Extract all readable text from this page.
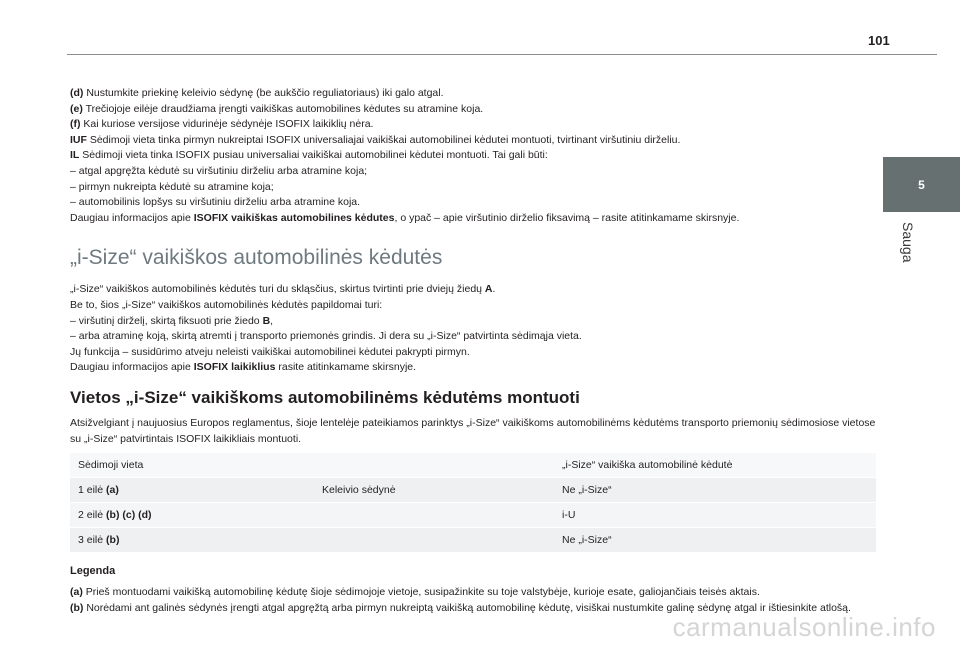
101
5
Sauga

(d) Nustumkite priekinę keleivio sėdynę (be aukščio reguliatoriaus) iki galo atgal.

(e) Trečiojoje eilėje draudžiama įrengti vaikiškas automobilines kėdutes su atramine koja.

(f) Kai kuriose versijose vidurinėje sėdynėje ISOFIX laikiklių nėra.

IUF Sėdimoji vieta tinka pirmyn nukreiptai ISOFIX universaliajai vaikiškai automobilinei kėdutei montuoti, tvirtinant viršutiniu dirželiu.

IL Sėdimoji vieta tinka ISOFIX pusiau universaliai vaikiškai automobilinei kėdutei montuoti. Tai gali būti:

– atgal apgręžta kėdutė su viršutiniu dirželiu arba atramine koja;

– pirmyn nukreipta kėdutė su atramine koja;

– automobilinis lopšys su viršutiniu dirželiu arba atramine koja.

Daugiau informacijos apie ISOFIX vaikiškas automobilines kėdutes, o ypač – apie viršutinio dirželio fiksavimą – rasite atitinkamame skirsnyje.

„i-Size“ vaikiškos automobilinės kėdutės

„i-Size“ vaikiškos automobilinės kėdutės turi du skląsčius, skirtus tvirtinti prie dviejų žiedų A.

Be to, šios „i-Size“ vaikiškos automobilinės kėdutės papildomai turi:

– viršutinį dirželį, skirtą fiksuoti prie žiedo B,

– arba atraminę koją, skirtą atremti į transporto priemonės grindis. Ji dera su „i-Size“ patvirtinta sėdimąja vieta.

Jų funkcija – susidūrimo atveju neleisti vaikiškai automobilinei kėdutei pakrypti pirmyn.

Daugiau informacijos apie ISOFIX laikiklius rasite atitinkamame skirsnyje.

Vietos „i-Size“ vaikiškoms automobilinėms kėdutėms montuoti

Atsižvelgiant į naujuosius Europos reglamentus, šioje lentelėje pateikiamos parinktys „i-Size“ vaikiškoms automobilinėms kėdutėms transporto priemonių sėdimosiose vietose su „i-Size“ patvirtintais ISOFIX laikikliais montuoti.

Sėdimoji vieta		„i-Size“ vaikiška automobilinė kėdutė
1 eilė (a)	Keleivio sėdynė	Ne „i-Size“
2 eilė (b) (c) (d)		i-U
3 eilė (b)		Ne „i-Size“
Legenda

(a) Prieš montuodami vaikišką automobilinę kėdutę šioje sėdimojoje vietoje, susipažinkite su toje valstybėje, kurioje esate, galiojančiais teisės aktais.

(b) Norėdami ant galinės sėdynės įrengti atgal apgręžtą arba pirmyn nukreiptą vaikišką automobilinę kėdutę, visiškai nustumkite galinę sėdynę atgal ir ištiesinkite atlošą.

carmanualsonline.info
